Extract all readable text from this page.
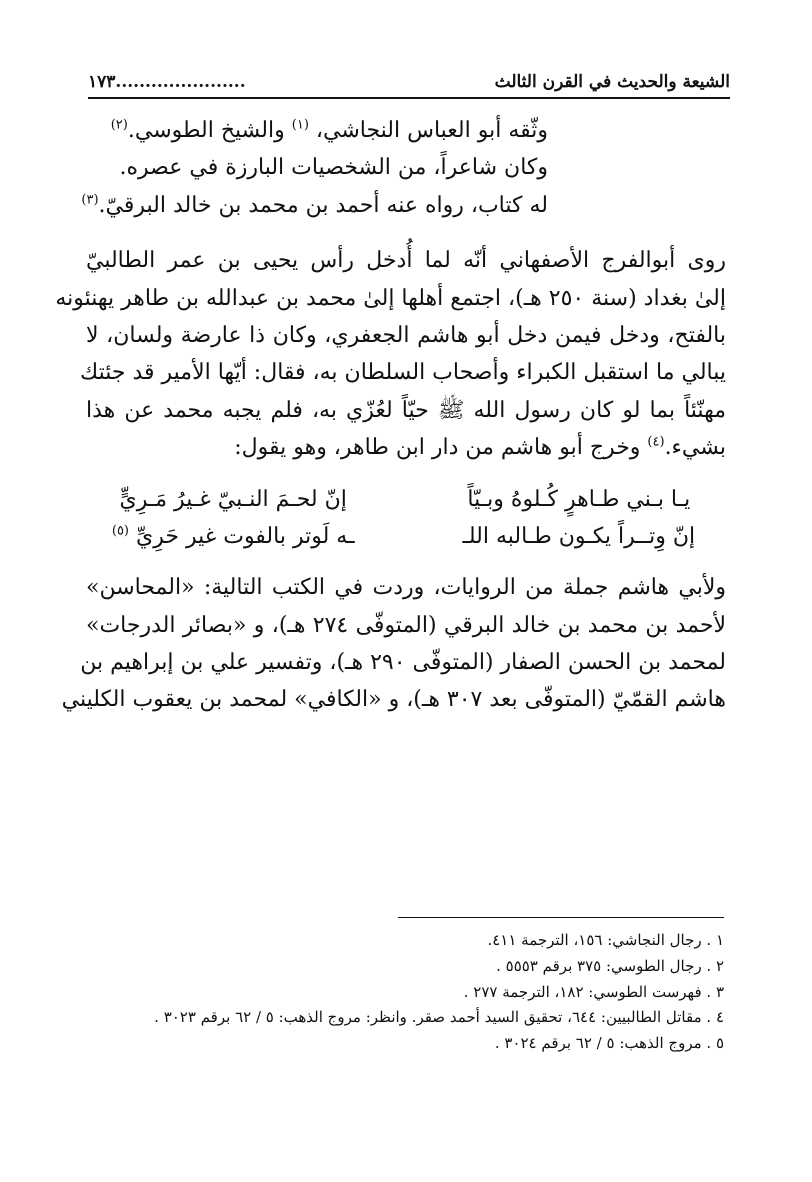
الشيعة والحديث في القرن الثالث
١٧٣......................
وثّقه أبو العباس النجاشي، $^{(١)}$ والشيخ الطوسي.$^{(٢)}$
وكان شاعراً، من الشخصيات البارزة في عصره.
له كتاب، رواه عنه أحمد بن محمد بن خالد البرقيّ.$^{(٣)}$
روى أبوالفرج الأصفهاني أنّه لما أُدخل رأس يحيى بن عمر الطالبيّ
إلىٰ بغداد (سنة ٢٥٠ هـ)، اجتمع أهلها إلىٰ محمد بن عبدالله بن طاهر يهنئونه
بالفتح، ودخل فيمن دخل أبو هاشم الجعفري، وكان ذا عارضة ولسان، لا
يبالي ما استقبل الكبراء وأصحاب السلطان به، فقال: أيّها الأمير قد جئتك
مهنّئاً بما لو كان رسول الله ﷺ حيّاً لعُزّي به، فلم يجبه محمد عن هذا
بشيء.$^{(٤)}$ وخرج أبو هاشم من دار ابن طاهر، وهو يقول:
يـا بـني طـاهرٍ كُـلوهُ وبـيّاً
إنّ لحـمَ النـبيّ غـيرُ مَـرِيٍّ
إنّ وِتــراً يكـون طـالبه اللـ
ـه لَوتر بالفوت غير حَرِيِّ $^{(٥)}$
ولأبي هاشم جملة من الروايات، وردت في الكتب التالية: «المحاسن»
لأحمد بن محمد بن خالد البرقي (المتوفّى ٢٧٤ هـ)، و «بصائر الدرجات»
لمحمد بن الحسن الصفار (المتوفّى ٢٩٠ هـ)، وتفسير علي بن إبراهيم بن
هاشم القمّيّ (المتوفّى بعد ٣٠٧ هـ)، و «الكافي» لمحمد بن يعقوب الكليني
١ . رجال النجاشي: ١٥٦، الترجمة ٤١١.
٢ . رجال الطوسي: ٣٧٥ برقم ٥٥٥٣ .
٣ . فهرست الطوسي: ١٨٢، الترجمة ٢٧٧ .
٤ . مقاتل الطالبيين: ٦٤٤، تحقيق السيد أحمد صقر. وانظر: مروج الذهب: ٥ / ٦٢ برقم ٣٠٢٣ .
٥ . مروج الذهب: ٥ / ٦٢ برقم ٣٠٢٤ .
